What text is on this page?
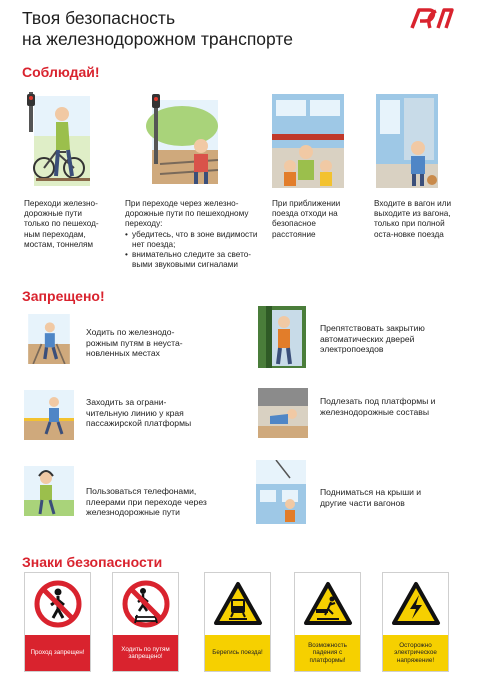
Твоя безопасность
на железнодорожном транспорте
Соблюдай!
Переходи железно-дорожные пути только по пешеход-ным переходам, мостам, тоннелям
При переходе через железно-дорожные пути по пешеходному переходу:
• убедитесь, что в зоне видимости нет поезда;
• внимательно следите за свето-выми звуковыми сигналами
При приближении поезда отходи на безопасное расстояние
Входите в вагон или выходите из вагона, только при полной оста-новке поезда
Запрещено!
Ходить по железнодо-рожным путям в неуста-новленных местах
Препятствовать закрытию автоматических дверей электропоездов
Заходить за ограни-чительную линию у края пассажирской платформы
Подлезать под платформы и железнодорожные составы
Пользоваться телефонами, плеерами при переходе через железнодорожные пути
Подниматься на крыши и другие части вагонов
Знаки безопасности
Проход запрещен!
Ходить по путям запрещено!
Берегись поезда!
Возможность падения с платформы!
Осторожно электрическое напряжение!
